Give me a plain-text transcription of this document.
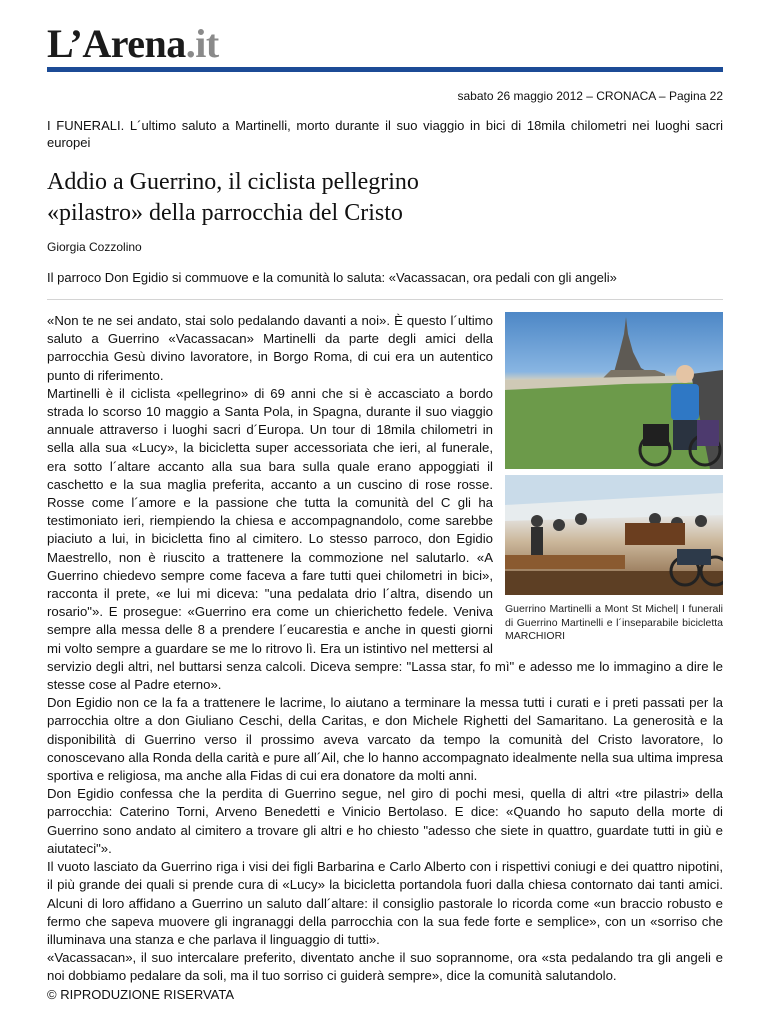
L’Arena.it
sabato 26 maggio 2012 – CRONACA – Pagina 22
I FUNERALI. L´ultimo saluto a Martinelli, morto durante il suo viaggio in bici di 18mila chilometri nei luoghi sacri europei
Addio a Guerrino, il ciclista pellegrino
«pilastro» della parrocchia del Cristo
Giorgia Cozzolino
Il parroco Don Egidio si commuove e la comunità lo saluta: «Vacassacan, ora pedali con gli angeli»
Guerrino Martinelli a Mont St Michel| I funerali di Guerrino Martinelli e l´inseparabile bicicletta MARCHIORI

«Non te ne sei andato, stai solo pedalando davanti a noi». È questo l´ultimo saluto a Guerrino «Vacassacan» Martinelli da parte degli amici della parrocchia Gesù divino lavoratore, in Borgo Roma, di cui era un autentico punto di riferimento.

Martinelli è il ciclista «pellegrino» di 69 anni che si è accasciato a bordo strada lo scorso 10 maggio a Santa Pola, in Spagna, durante il suo viaggio annuale attraverso i luoghi sacri d´Europa. Un tour di 18mila chilometri in sella alla sua «Lucy», la bicicletta super accessoriata che ieri, al funerale, era sotto l´altare accanto alla sua bara sulla quale erano appoggiati il caschetto e la sua maglia preferita, accanto a un cuscino di rose rosse. Rosse come l´amore e la passione che tutta la comunità del C gli ha testimoniato ieri, riempiendo la chiesa e accompagnandolo, come sarebbe piaciuto a lui, in bicicletta fino al cimitero. Lo stesso parroco, don Egidio Maestrello, non è riuscito a trattenere la commozione nel salutarlo. «A Guerrino chiedevo sempre come faceva a fare tutti quei chilometri in bici», racconta il prete, «e lui mi diceva: "una pedalata drio l´altra, disendo un rosario"». E prosegue: «Guerrino era come un chierichetto fedele. Veniva sempre alla messa delle 8 a prendere l´eucarestia e anche in questi giorni mi volto sempre a guardare se me lo ritrovo lì. Era un istintivo nel mettersi al servizio degli altri, nel buttarsi senza calcoli. Diceva sempre: "Lassa star, fo mì" e adesso me lo immagino a dire le stesse cose al Padre eterno».

Don Egidio non ce la fa a trattenere le lacrime, lo aiutano a terminare la messa tutti i curati e i preti passati per la parrocchia oltre a don Giuliano Ceschi, della Caritas, e don Michele Righetti del Samaritano. La generosità e la disponibilità di Guerrino verso il prossimo aveva varcato da tempo la comunità del Cristo lavoratore, lo conoscevano alla Ronda della carità e pure all´Ail, che lo hanno accompagnato idealmente nella sua ultima impresa sportiva e religiosa, ma anche alla Fidas di cui era donatore da molti anni.

Don Egidio confessa che la perdita di Guerrino segue, nel giro di pochi mesi, quella di altri «tre pilastri» della parrocchia: Caterino Torni, Arveno Benedetti e Vinicio Bertolaso. E dice: «Quando ho saputo della morte di Guerrino sono andato al cimitero a trovare gli altri e ho chiesto "adesso che siete in quattro, guardate tutti in giù e aiutateci"».

Il vuoto lasciato da Guerrino riga i visi dei figli Barbarina e Carlo Alberto con i rispettivi coniugi e dei quattro nipotini, il più grande dei quali si prende cura di «Lucy» la bicicletta portandola fuori dalla chiesa contornato dai tanti amici. Alcuni di loro affidano a Guerrino un saluto dall´altare: il consiglio pastorale lo ricorda come «un braccio robusto e fermo che sapeva muovere gli ingranaggi della parrocchia con la sua fede forte e semplice», con un «sorriso che illuminava una stanza e che parlava il linguaggio di tutti».

«Vacassacan», il suo intercalare preferito, diventato anche il suo soprannome, ora «sta pedalando tra gli angeli e noi dobbiamo pedalare da soli, ma il tuo sorriso ci guiderà sempre», dice la comunità salutandolo.

© RIPRODUZIONE RISERVATA
